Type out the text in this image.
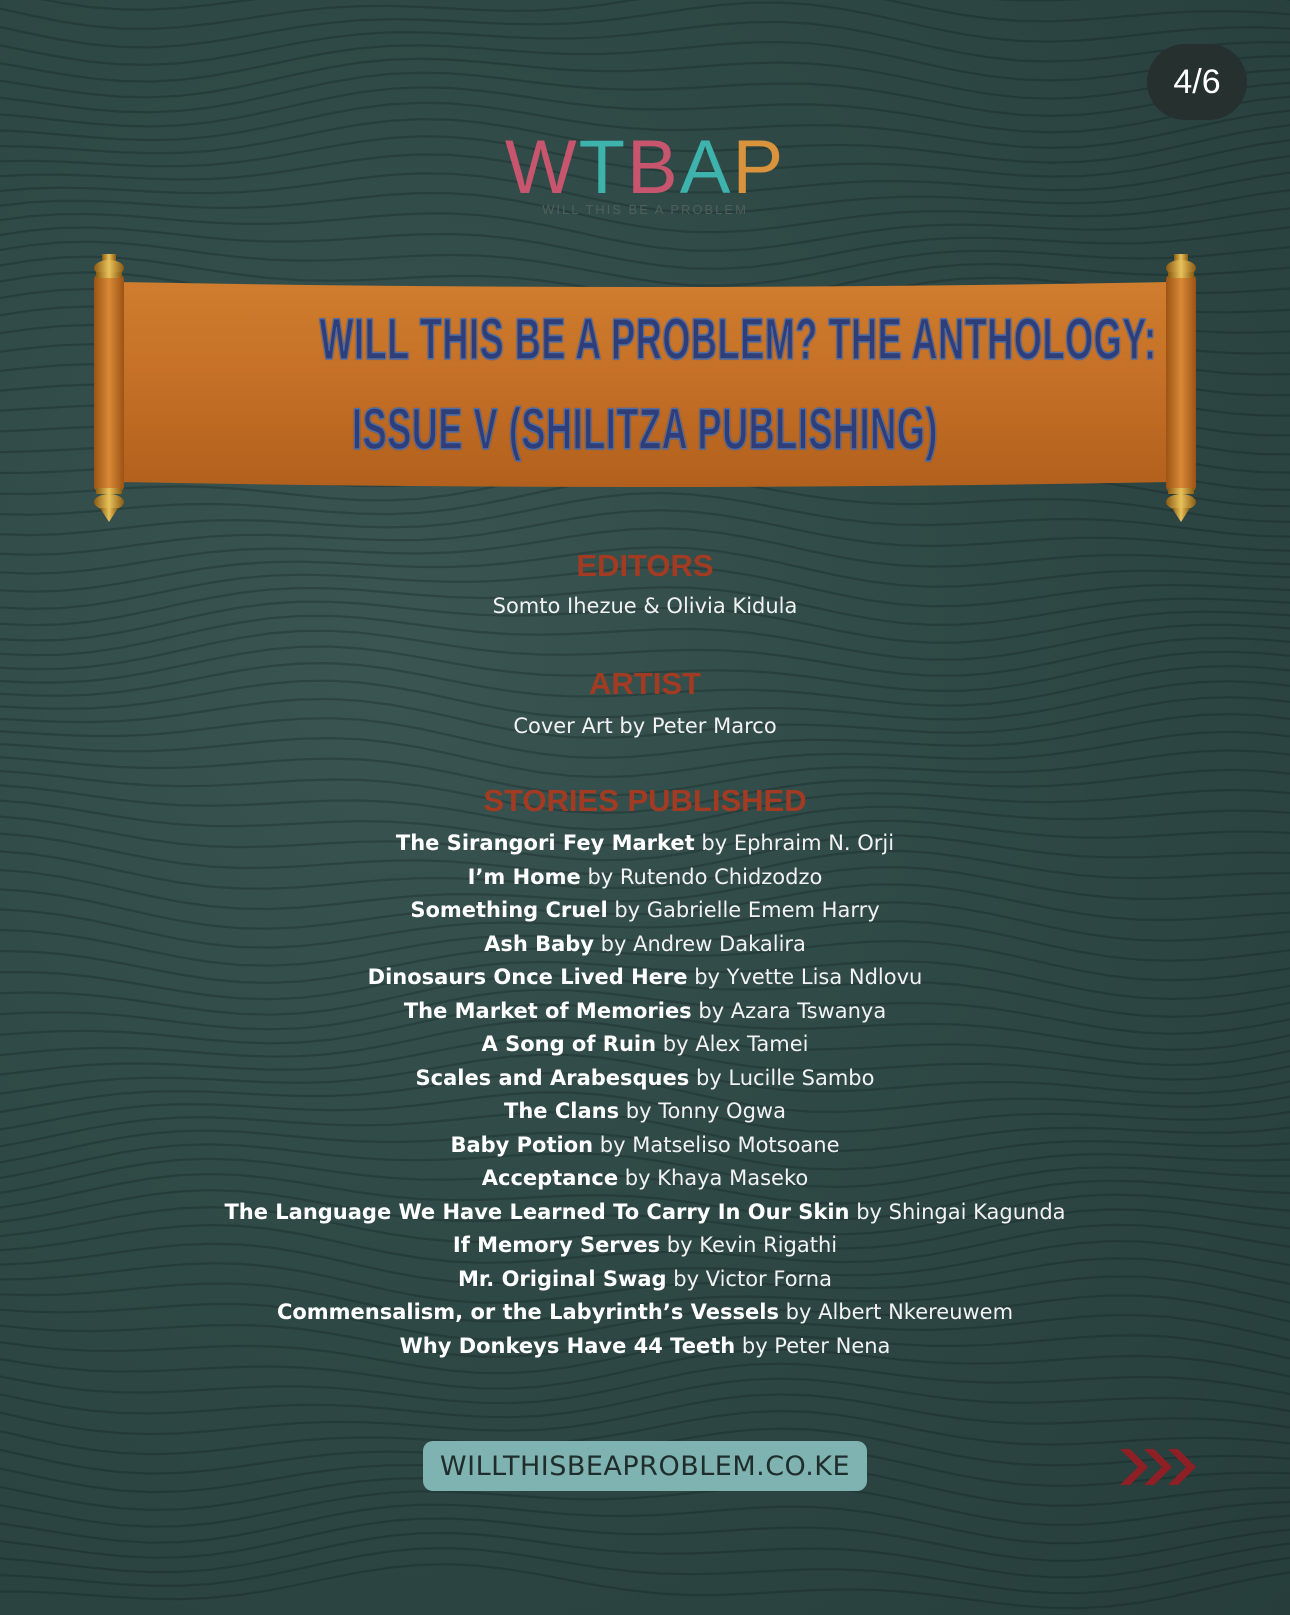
4/6
WTBAP
WILL THIS BE A PROBLEM
WILL THIS BE A PROBLEM? THE ANTHOLOGY:
ISSUE V (SHILITZA PUBLISHING)
EDITORS
Somto Ihezue & Olivia Kidula
ARTIST
Cover Art by Peter Marco
STORIES PUBLISHED
The Sirangori Fey Market by Ephraim N. Orji
I’m Home by Rutendo Chidzodzo
Something Cruel by Gabrielle Emem Harry
Ash Baby by Andrew Dakalira
Dinosaurs Once Lived Here by Yvette Lisa Ndlovu
The Market of Memories by Azara Tswanya
A Song of Ruin by Alex Tamei
Scales and Arabesques by Lucille Sambo
The Clans by Tonny Ogwa
Baby Potion by Matseliso Motsoane
Acceptance by Khaya Maseko
The Language We Have Learned To Carry In Our Skin by Shingai Kagunda
If Memory Serves by Kevin Rigathi
Mr. Original Swag by Victor Forna
Commensalism, or the Labyrinth’s Vessels by Albert Nkereuwem
Why Donkeys Have 44 Teeth by Peter Nena
WILLTHISBEAPROBLEM.CO.KE
